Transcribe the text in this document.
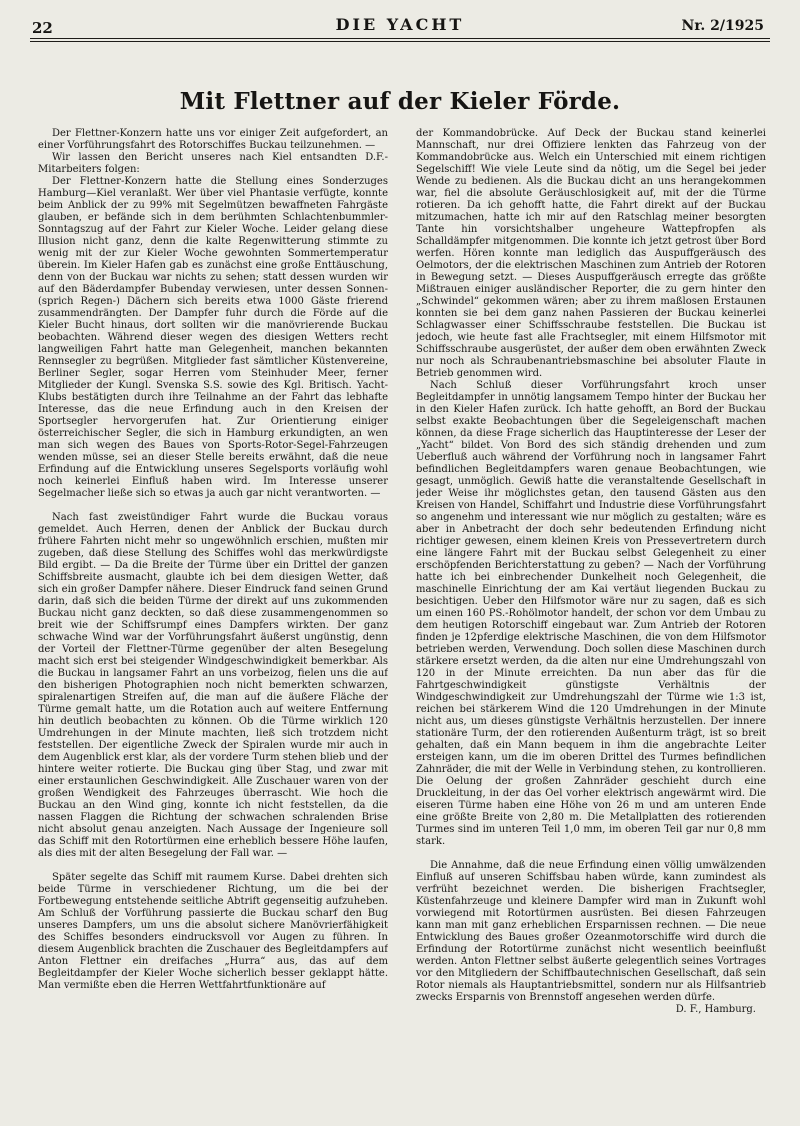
22	DIE YACHT	Nr. 2/1925
Mit Flettner auf der Kieler Förde.

Der Flettner-Konzern hatte uns vor einiger Zeit aufgefordert, an einer Vorführungsfahrt des Rotorschiffes Buckau teilzunehmen. —

Wir lassen den Bericht unseres nach Kiel entsandten D.F.-Mitarbeiters folgen:

Der Flettner-Konzern hatte die Stellung eines Sonderzuges Hamburg—Kiel veranlaßt. Wer über viel Phantasie verfügte, konnte beim Anblick der zu 99% mit Segelmützen bewaffneten Fahrgäste glauben, er befände sich in dem berühmten Schlachtenbummler-Sonntagszug auf der Fahrt zur Kieler Woche. Leider gelang diese Illusion nicht ganz, denn die kalte Regenwitterung stimmte zu wenig mit der zur Kieler Woche gewohnten Sommertemperatur überein. Im Kieler Hafen gab es zunächst eine große Enttäuschung, denn von der Buckau war nichts zu sehen; statt dessen wurden wir auf den Bäderdampfer Bubenday verwiesen, unter dessen Sonnen- (sprich Regen-) Dächern sich bereits etwa 1000 Gäste frierend zusammendrängten. Der Dampfer fuhr durch die Förde auf die Kieler Bucht hinaus, dort sollten wir die manövrierende Buckau beobachten. Während dieser wegen des diesigen Wetters recht langweiligen Fahrt hatte man Gelegenheit, manchen bekannten Rennsegler zu begrüßen. Mitglieder fast sämtlicher Küstenvereine, Berliner Segler, sogar Herren vom Steinhuder Meer, ferner Mitglieder der Kungl. Svenska S.S. sowie des Kgl. Britisch. Yacht-Klubs bestätigten durch ihre Teilnahme an der Fahrt das lebhafte Interesse, das die neue Erfindung auch in den Kreisen der Sportsegler hervorgerufen hat. Zur Orientierung einiger österreichischer Segler, die sich in Hamburg erkundigten, an wen man sich wegen des Baues von Sports-Rotor-Segel-Fahrzeugen wenden müsse, sei an dieser Stelle bereits erwähnt, daß die neue Erfindung auf die Entwicklung unseres Segelsports vorläufig wohl noch keinerlei Einfluß haben wird. Im Interesse unserer Segelmacher ließe sich so etwas ja auch gar nicht verantworten. —

Nach fast zweistündiger Fahrt wurde die Buckau voraus gemeldet. Auch Herren, denen der Anblick der Buckau durch frühere Fahrten nicht mehr so ungewöhnlich erschien, mußten mir zugeben, daß diese Stellung des Schiffes wohl das merkwürdigste Bild ergibt. — Da die Breite der Türme über ein Drittel der ganzen Schiffsbreite ausmacht, glaubte ich bei dem diesigen Wetter, daß sich ein großer Dampfer nähere. Dieser Eindruck fand seinen Grund darin, daß sich die beiden Türme der direkt auf uns zukommenden Buckau nicht ganz deckten, so daß diese zusammengenommen so breit wie der Schiffsrumpf eines Dampfers wirkten. Der ganz schwache Wind war der Vorführungsfahrt äußerst ungünstig, denn der Vorteil der Flettner-Türme gegenüber der alten Besegelung macht sich erst bei steigender Windgeschwindigkeit bemerkbar. Als die Buckau in langsamer Fahrt an uns vorbeizog, fielen uns die auf den bisherigen Photographien noch nicht bemerkten schwarzen, spiralenartigen Streifen auf, die man auf die äußere Fläche der Türme gemalt hatte, um die Rotation auch auf weitere Entfernung hin deutlich beobachten zu können. Ob die Türme wirklich 120 Umdrehungen in der Minute machten, ließ sich trotzdem nicht feststellen. Der eigentliche Zweck der Spiralen wurde mir auch in dem Augenblick erst klar, als der vordere Turm stehen blieb und der hintere weiter rotierte. Die Buckau ging über Stag, und zwar mit einer erstaunlichen Geschwindigkeit. Alle Zuschauer waren von der großen Wendigkeit des Fahrzeuges überrascht. Wie hoch die Buckau an den Wind ging, konnte ich nicht feststellen, da die nassen Flaggen die Richtung der schwachen schralenden Brise nicht absolut genau anzeigten. Nach Aussage der Ingenieure soll das Schiff mit den Rotortürmen eine erheblich bessere Höhe laufen, als dies mit der alten Besegelung der Fall war. —

Später segelte das Schiff mit raumem Kurse. Dabei drehten sich beide Türme in verschiedener Richtung, um die bei der Fortbewegung entstehende seitliche Abtrift gegenseitig aufzuheben. Am Schluß der Vorführung passierte die Buckau scharf den Bug unseres Dampfers, um uns die absolut sichere Manövrierfähigkeit des Schiffes besonders eindrucksvoll vor Augen zu führen. In diesem Augenblick brachten die Zuschauer des Begleitdampfers auf Anton Flettner ein dreifaches „Hurra“ aus, das auf dem Begleitdampfer der Kieler Woche sicherlich besser geklappt hätte. Man vermißte eben die Herren Wettfahrtfunktionäre auf

der Kommandobrücke. Auf Deck der Buckau stand keinerlei Mannschaft, nur drei Offiziere lenkten das Fahrzeug von der Kommandobrücke aus. Welch ein Unterschied mit einem richtigen Segelschiff! Wie viele Leute sind da nötig, um die Segel bei jeder Wende zu bedienen. Als die Buckau dicht an uns herangekommen war, fiel die absolute Geräuschlosigkeit auf, mit der die Türme rotieren. Da ich gehofft hatte, die Fahrt direkt auf der Buckau mitzumachen, hatte ich mir auf den Ratschlag meiner besorgten Tante hin vorsichtshalber ungeheure Wattepfropfen als Schalldämpfer mitgenommen. Die konnte ich jetzt getrost über Bord werfen. Hören konnte man lediglich das Auspuffgeräusch des Oelmotors, der die elektrischen Maschinen zum Antrieb der Rotoren in Bewegung setzt. — Dieses Auspuffgeräusch erregte das größte Mißtrauen einiger ausländischer Reporter, die zu gern hinter den „Schwindel“ gekommen wären; aber zu ihrem maßlosen Erstaunen konnten sie bei dem ganz nahen Passieren der Buckau keinerlei Schlagwasser einer Schiffsschraube feststellen. Die Buckau ist jedoch, wie heute fast alle Frachtsegler, mit einem Hilfsmotor mit Schiffsschraube ausgerüstet, der außer dem oben erwähnten Zweck nur noch als Schraubenantriebsmaschine bei absoluter Flaute in Betrieb genommen wird.

Nach Schluß dieser Vorführungsfahrt kroch unser Begleitdampfer in unnötig langsamem Tempo hinter der Buckau her in den Kieler Hafen zurück. Ich hatte gehofft, an Bord der Buckau selbst exakte Beobachtungen über die Segeleigenschaft machen können, da diese Frage sicherlich das Hauptinteresse der Leser der „Yacht“ bildet. Von Bord des sich ständig drehenden und zum Ueberfluß auch während der Vorführung noch in langsamer Fahrt befindlichen Begleitdampfers waren genaue Beobachtungen, wie gesagt, unmöglich. Gewiß hatte die veranstaltende Gesellschaft in jeder Weise ihr möglichstes getan, den tausend Gästen aus den Kreisen von Handel, Schiffahrt und Industrie diese Vorführungsfahrt so angenehm und interessant wie nur möglich zu gestalten; wäre es aber in Anbetracht der doch sehr bedeutenden Erfindung nicht richtiger gewesen, einem kleinen Kreis von Pressevertretern durch eine längere Fahrt mit der Buckau selbst Gelegenheit zu einer erschöpfenden Berichterstattung zu geben? — Nach der Vorführung hatte ich bei einbrechender Dunkelheit noch Gelegenheit, die maschinelle Einrichtung der am Kai vertäut liegenden Buckau zu besichtigen. Ueber den Hilfsmotor wäre nur zu sagen, daß es sich um einen 160 PS.-Rohölmotor handelt, der schon vor dem Umbau zu dem heutigen Rotorschiff eingebaut war. Zum Antrieb der Rotoren finden je 12pferdige elektrische Maschinen, die von dem Hilfsmotor betrieben werden, Verwendung. Doch sollen diese Maschinen durch stärkere ersetzt werden, da die alten nur eine Umdrehungszahl von 120 in der Minute erreichten. Da nun aber das für die Fahrtgeschwindigkeit günstigste Verhältnis der Windgeschwindigkeit zur Umdrehungszahl der Türme wie 1:3 ist, reichen bei stärkerem Wind die 120 Umdrehungen in der Minute nicht aus, um dieses günstigste Verhältnis herzustellen. Der innere stationäre Turm, der den rotierenden Außenturm trägt, ist so breit gehalten, daß ein Mann bequem in ihm die angebrachte Leiter ersteigen kann, um die im oberen Drittel des Turmes befindlichen Zahnräder, die mit der Welle in Verbindung stehen, zu kontrollieren. Die Oelung der großen Zahnräder geschieht durch eine Druckleitung, in der das Oel vorher elektrisch angewärmt wird. Die eiseren Türme haben eine Höhe von 26 m und am unteren Ende eine größte Breite von 2,80 m. Die Metallplatten des rotierenden Turmes sind im unteren Teil 1,0 mm, im oberen Teil gar nur 0,8 mm stark.

Die Annahme, daß die neue Erfindung einen völlig umwälzenden Einfluß auf unseren Schiffsbau haben würde, kann zumindest als verfrüht bezeichnet werden. Die bisherigen Frachtsegler, Küstenfahrzeuge und kleinere Dampfer wird man in Zukunft wohl vorwiegend mit Rotortürmen ausrüsten. Bei diesen Fahrzeugen kann man mit ganz erheblichen Ersparnissen rechnen. — Die neue Entwicklung des Baues großer Ozeanmotorschiffe wird durch die Erfindung der Rotortürme zunächst nicht wesentlich beeinflußt werden. Anton Flettner selbst äußerte gelegentlich seines Vortrages vor den Mitgliedern der Schiffbautechnischen Gesellschaft, daß sein Rotor niemals als Hauptantriebsmittel, sondern nur als Hilfsantrieb zwecks Ersparnis von Brennstoff angesehen werden dürfe.

D. F., Hamburg.
